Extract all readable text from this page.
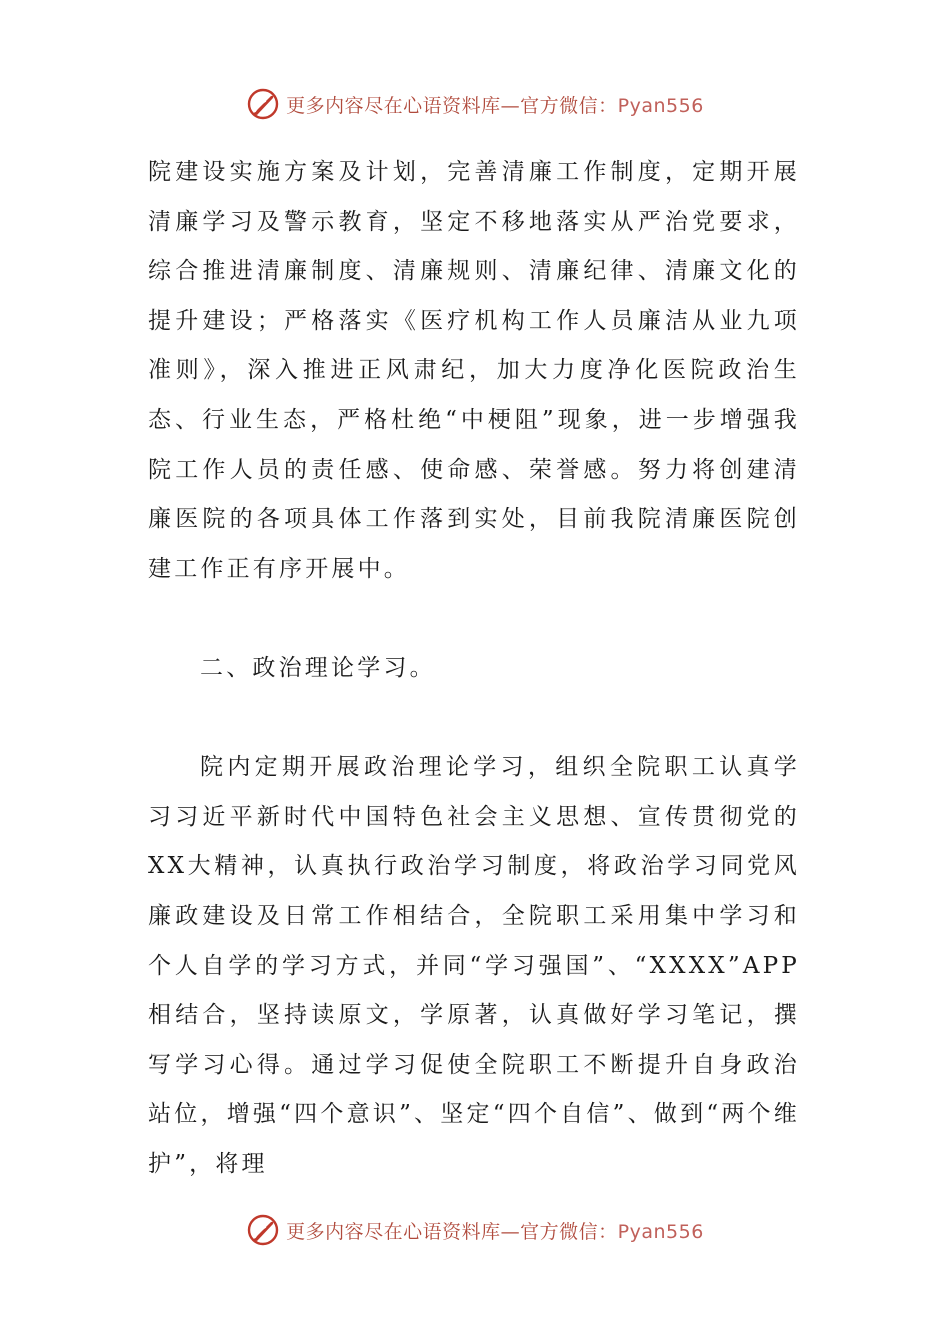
更多内容尽在心语资料库—官方微信：Pyan556

院建设实施方案及计划，完善清廉工作制度，定期开展清廉学习及警示教育，坚定不移地落实从严治党要求，综合推进清廉制度、清廉规则、清廉纪律、清廉文化的提升建设；严格落实《医疗机构工作人员廉洁从业九项准则》，深入推进正风肃纪，加大力度净化医院政治生态、行业生态，严格杜绝“中梗阻”现象，进一步增强我院工作人员的责任感、使命感、荣誉感。努力将创建清廉医院的各项具体工作落到实处，目前我院清廉医院创建工作正有序开展中。

二、政治理论学习。

院内定期开展政治理论学习，组织全院职工认真学习习近平新时代中国特色社会主义思想、宣传贯彻党的XX大精神，认真执行政治学习制度，将政治学习同党风廉政建设及日常工作相结合，全院职工采用集中学习和个人自学的学习方式，并同“学习强国”、“XXXX”APP相结合，坚持读原文，学原著，认真做好学习笔记，撰写学习心得。通过学习促使全院职工不断提升自身政治站位，增强“四个意识”、坚定“四个自信”、做到“两个维护”，将理

更多内容尽在心语资料库—官方微信：Pyan556
